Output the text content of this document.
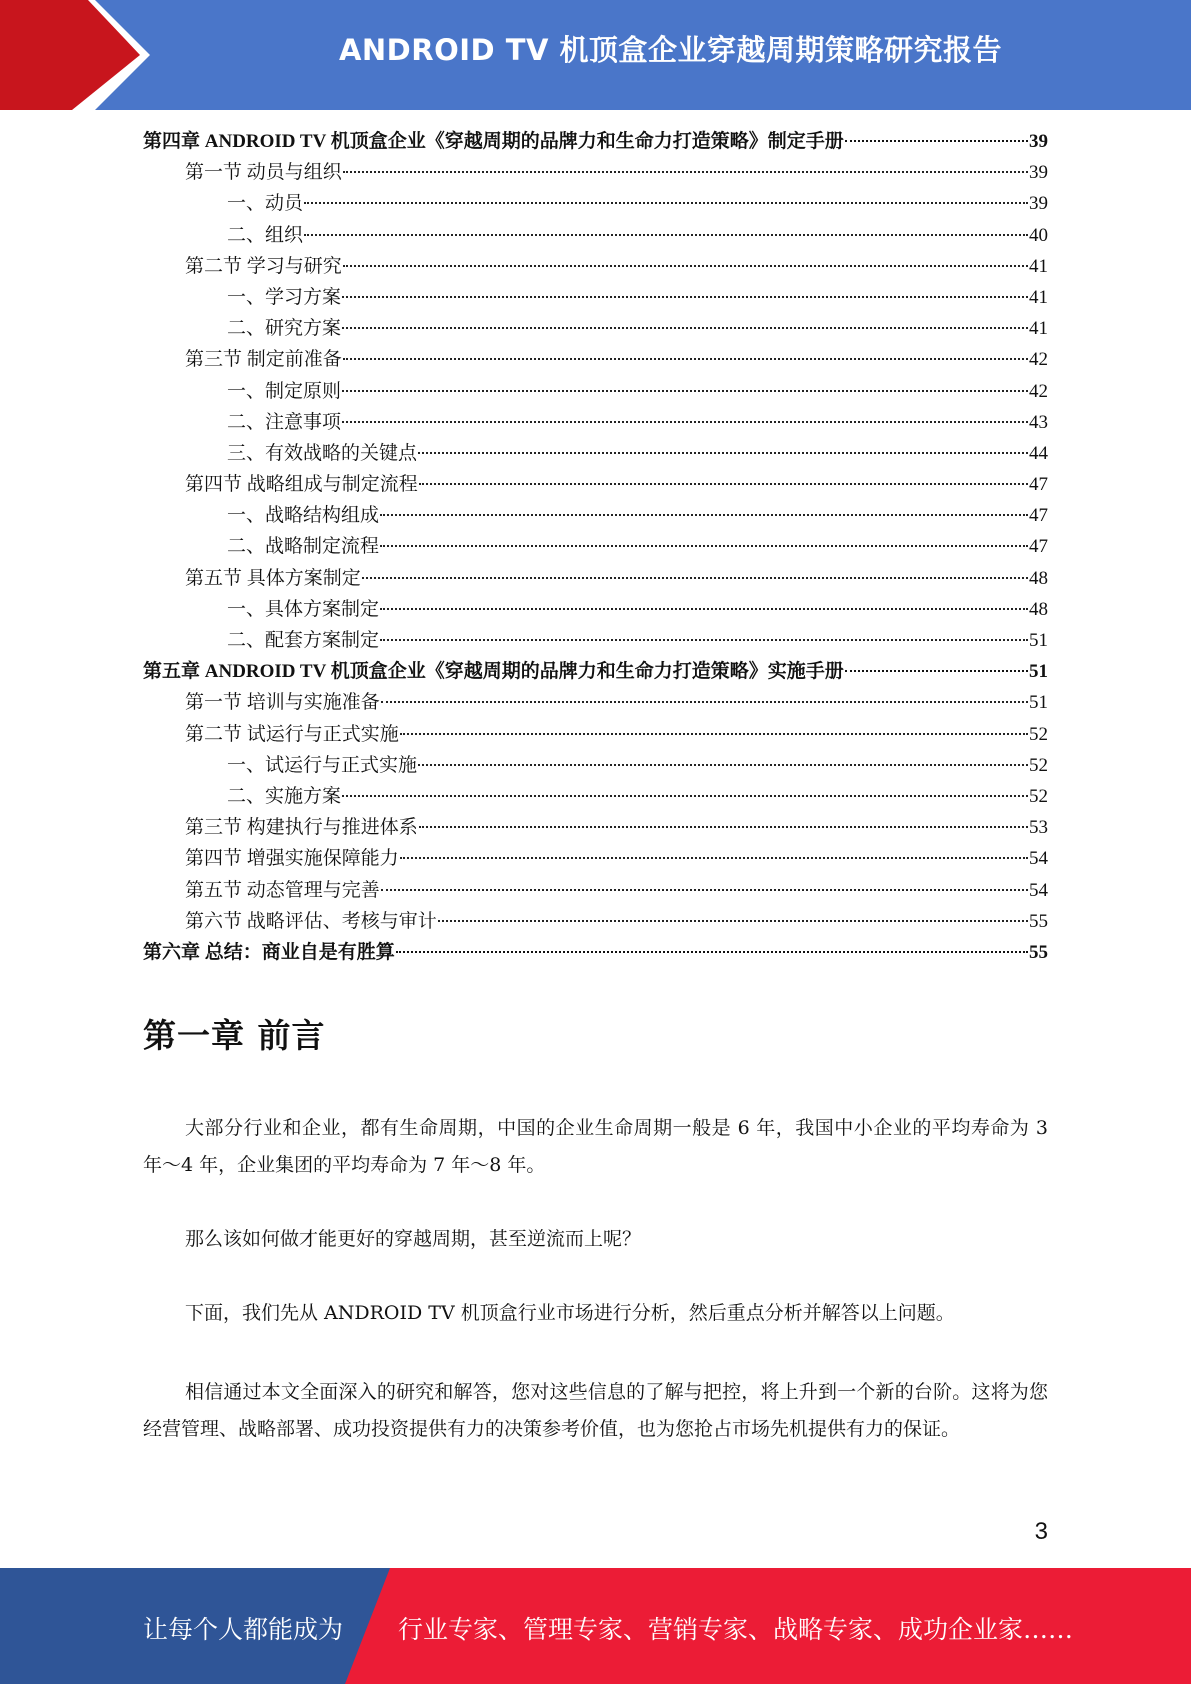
ANDROID TV 机顶盒企业穿越周期策略研究报告
第四章 ANDROID TV 机顶盒企业《穿越周期的品牌力和生命力打造策略》制定手册	39
第一节 动员与组织	39
一、动员	39
二、组织	40
第二节 学习与研究	41
一、学习方案	41
二、研究方案	41
第三节 制定前准备	42
一、制定原则	42
二、注意事项	43
三、有效战略的关键点	44
第四节 战略组成与制定流程	47
一、战略结构组成	47
二、战略制定流程	47
第五节 具体方案制定	48
一、具体方案制定	48
二、配套方案制定	51
第五章 ANDROID TV 机顶盒企业《穿越周期的品牌力和生命力打造策略》实施手册	51
第一节 培训与实施准备	51
第二节 试运行与正式实施	52
一、试运行与正式实施	52
二、实施方案	52
第三节 构建执行与推进体系	53
第四节 增强实施保障能力	54
第五节 动态管理与完善	54
第六节 战略评估、考核与审计	55
第六章 总结：商业自是有胜算	55
第一章 前言

大部分行业和企业，都有生命周期，中国的企业生命周期一般是 6 年，我国中小企业的平均寿命为 3 年～4 年，企业集团的平均寿命为 7 年～8 年。

那么该如何做才能更好的穿越周期，甚至逆流而上呢？

下面，我们先从 ANDROID TV 机顶盒行业市场进行分析，然后重点分析并解答以上问题。

相信通过本文全面深入的研究和解答，您对这些信息的了解与把控，将上升到一个新的台阶。这将为您经营管理、战略部署、成功投资提供有力的决策参考价值，也为您抢占市场先机提供有力的保证。

3
让每个人都能成为 行业专家、管理专家、营销专家、战略专家、成功企业家……
